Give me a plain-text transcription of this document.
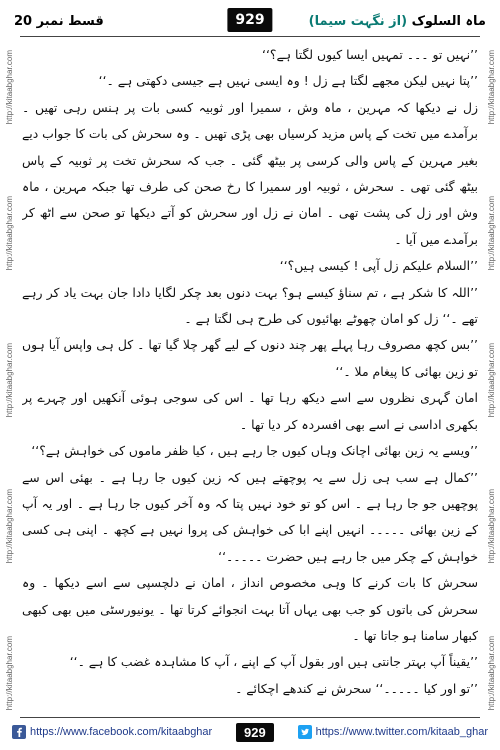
قسط نمبر 20	929	ماہ السلوک (از نگہت سیما)
http://kitaabghar.com
http://kitaabghar.com
http://kitaabghar.com
http://kitaabghar.com
http://kitaabghar.com
http://kitaabghar.com
http://kitaabghar.com
http://kitaabghar.com
http://kitaabghar.com
http://kitaabghar.com

’’نہیں تو ۔۔۔ تمہیں ایسا کیوں لگتا ہے؟‘‘

’’پتا نہیں لیکن مجھے لگتا ہے زل ! وہ ایسی نہیں ہے جیسی دکھتی ہے ۔‘‘

زل نے دیکھا کہ مہرین ، ماہ وش ، سمیرا اور ثوبیہ کسی بات پر ہنس رہی تھیں ۔ برآمدے میں تخت کے پاس مزید کرسیاں بھی پڑی تھیں ۔ وہ سحرش کی بات کا جواب دیے بغیر مہرین کے پاس والی کرسی پر بیٹھ گئی ۔ جب کہ سحرش تخت پر ثوبیہ کے پاس بیٹھ گئی تھی ۔ سحرش ، ثوبیہ اور سمیرا کا رخ صحن کی طرف تھا جبکہ مہرین ، ماہ وش اور زل کی پشت تھی ۔ امان نے زل اور سحرش کو آتے دیکھا تو صحن سے اٹھ کر برآمدے میں آیا ۔

’’السلام علیکم زل آپی ! کیسی ہیں؟‘‘

’’اللہ کا شکر ہے ، تم سناؤ کیسے ہو؟ بہت دنوں بعد چکر لگایا دادا جان بہت یاد کر رہے تھے ۔‘‘ زل کو امان چھوٹے بھائیوں کی طرح ہی لگتا ہے ۔

’’بس کچھ مصروف رہا پہلے پھر چند دنوں کے لیے گھر چلا گیا تھا ۔ کل ہی واپس آیا ہوں تو زین بھائی کا پیغام ملا ۔‘‘

امان گہری نظروں سے اسے دیکھ رہا تھا ۔ اس کی سوجی ہوئی آنکھیں اور چہرے پر بکھری اداسی نے اسے بھی افسردہ کر دیا تھا ۔

’’ویسے یہ زین بھائی اچانک وہاں کیوں جا رہے ہیں ، کیا ظفر ماموں کی خواہش ہے؟‘‘

’’کمال ہے سب ہی زل سے یہ پوچھتے ہیں کہ زین کیوں جا رہا ہے ۔ بھئی اس سے پوچھیں جو جا رہا ہے ۔ اس کو تو خود نہیں پتا کہ وہ آخر کیوں جا رہا ہے ۔ اور یہ آپ کے زین بھائی ۔۔۔۔۔ انہیں اپنے ابا کی خواہش کی پروا نہیں ہے کچھ ۔ اپنی ہی کسی خواہش کے چکر میں جا رہے ہیں حضرت ۔۔۔۔۔‘‘

سحرش کا بات کرنے کا وہی مخصوص انداز ، امان نے دلچسپی سے اسے دیکھا ۔ وہ سحرش کی باتوں کو جب بھی یہاں آتا بہت انجوائے کرتا تھا ۔ یونیورسٹی میں بھی کبھی کبھار سامنا ہو جاتا تھا ۔

’’یقیناً آپ بہتر جانتی ہیں اور بقول آپ کے اپنے ، آپ کا مشاہدہ غضب کا ہے ۔‘‘

’’تو اور کیا ۔۔۔۔۔‘‘ سحرش نے کندھے اچکائے ۔

https://www.facebook.com/kitaabghar	929	https://www.twitter.com/kitaab_ghar
